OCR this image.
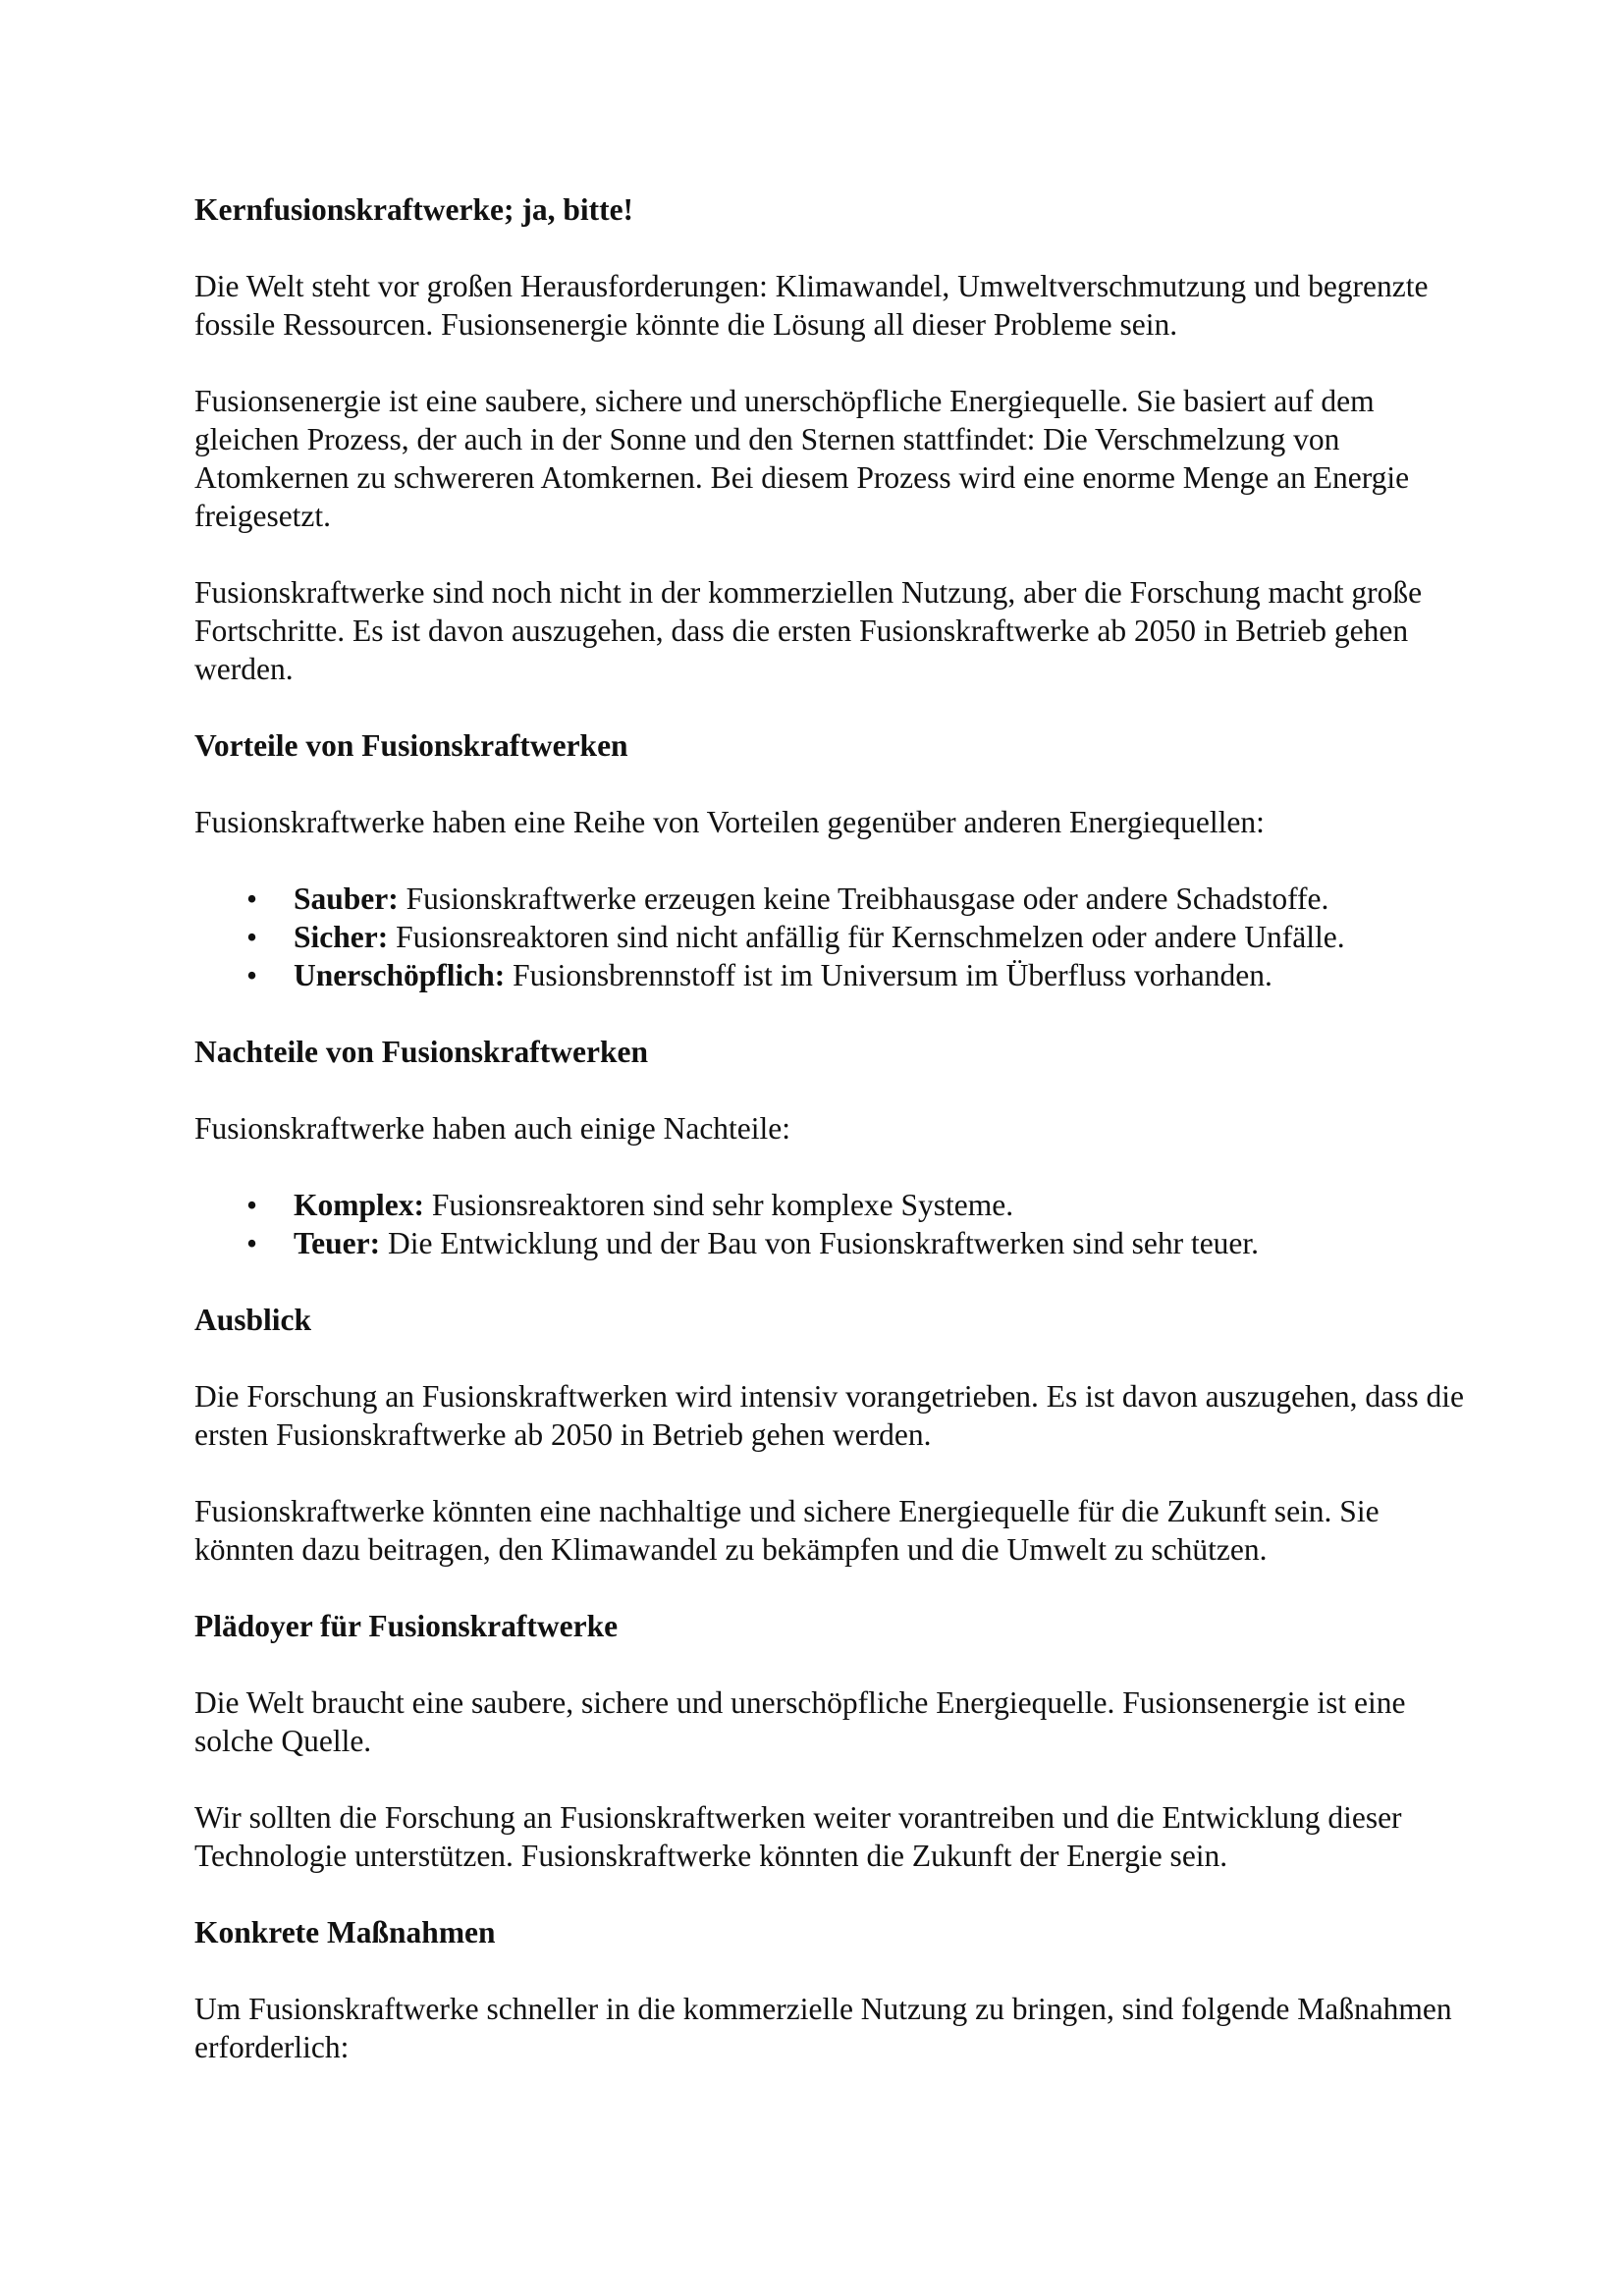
Kernfusionskraftwerke; ja, bitte!

Die Welt steht vor großen Herausforderungen: Klimawandel, Umweltverschmutzung und begrenzte fossile Ressourcen. Fusionsenergie könnte die Lösung all dieser Probleme sein.

Fusionsenergie ist eine saubere, sichere und unerschöpfliche Energiequelle. Sie basiert auf dem gleichen Prozess, der auch in der Sonne und den Sternen stattfindet: Die Verschmelzung von Atomkernen zu schwereren Atomkernen. Bei diesem Prozess wird eine enorme Menge an Energie freigesetzt.

Fusionskraftwerke sind noch nicht in der kommerziellen Nutzung, aber die Forschung macht große Fortschritte. Es ist davon auszugehen, dass die ersten Fusionskraftwerke ab 2050 in Betrieb gehen werden.

Vorteile von Fusionskraftwerken

Fusionskraftwerke haben eine Reihe von Vorteilen gegenüber anderen Energiequellen:

• Sauber: Fusionskraftwerke erzeugen keine Treibhausgase oder andere Schadstoffe.
• Sicher: Fusionsreaktoren sind nicht anfällig für Kernschmelzen oder andere Unfälle.
• Unerschöpflich: Fusionsbrennstoff ist im Universum im Überfluss vorhanden.

Nachteile von Fusionskraftwerken

Fusionskraftwerke haben auch einige Nachteile:

• Komplex: Fusionsreaktoren sind sehr komplexe Systeme.
• Teuer: Die Entwicklung und der Bau von Fusionskraftwerken sind sehr teuer.

Ausblick

Die Forschung an Fusionskraftwerken wird intensiv vorangetrieben. Es ist davon auszugehen, dass die ersten Fusionskraftwerke ab 2050 in Betrieb gehen werden.

Fusionskraftwerke könnten eine nachhaltige und sichere Energiequelle für die Zukunft sein. Sie könnten dazu beitragen, den Klimawandel zu bekämpfen und die Umwelt zu schützen.

Plädoyer für Fusionskraftwerke

Die Welt braucht eine saubere, sichere und unerschöpfliche Energiequelle. Fusionsenergie ist eine solche Quelle.

Wir sollten die Forschung an Fusionskraftwerken weiter vorantreiben und die Entwicklung dieser Technologie unterstützen. Fusionskraftwerke könnten die Zukunft der Energie sein.

Konkrete Maßnahmen

Um Fusionskraftwerke schneller in die kommerzielle Nutzung zu bringen, sind folgende Maßnahmen erforderlich:
